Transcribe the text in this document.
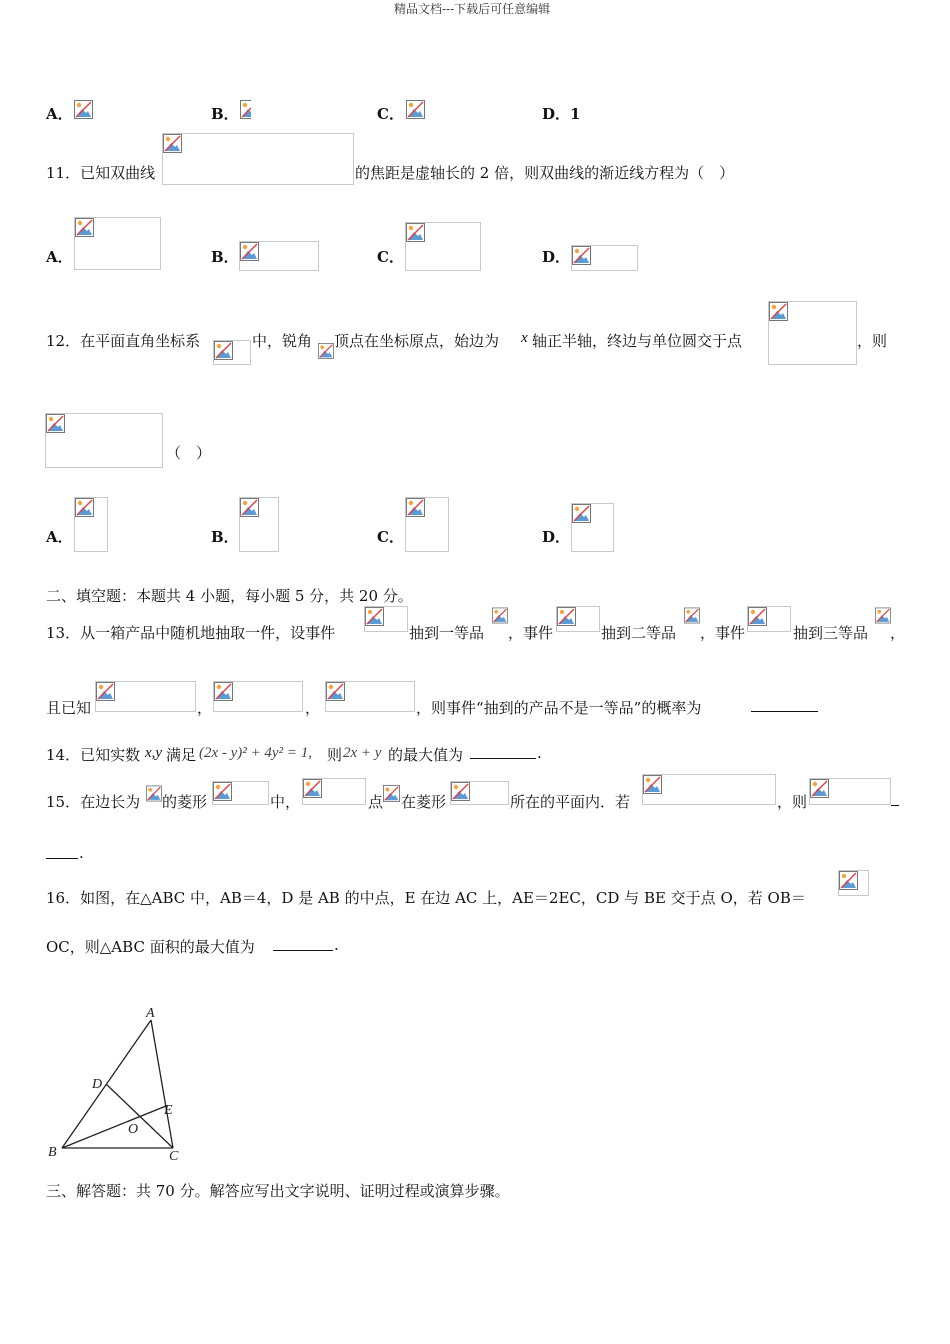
精品文档---下载后可任意编辑
A．	B．	C．	D．1
11．已知双曲线	的焦距是虚轴长的 2 倍，则双曲线的渐近线方程为（　）
A．	B．	C．	D．
12．在平面直角坐标系	中，锐角 顶点在坐标原点，始边为 x 轴正半轴，终边与单位圆交于点	，则
（　）
A．	B．	C．	D．
二、填空题：本题共 4 小题，每小题 5 分，共 20 分。
13．从一箱产品中随机地抽取一件，设事件	抽到一等品 ，事件	抽到二等品 ，事件	抽到三等品 ，
且已知	，	，	，则事件“抽到的产品不是一等品”的概率为
14．已知实数 x,y 满足 (2x - y)² + 4y² = 1, 则 2x + y 的最大值为	.
15．在边长为 的菱形	中，	点 在菱形	所在的平面内．若	，则
.
16．如图，在△ABC 中，AB＝4，D 是 AB 的中点，E 在边 AC 上，AE＝2EC，CD 与 BE 交于点 O，若 OB＝
OC，则△ABC 面积的最大值为	.
A
B	C
D
E
O
三、解答题：共 70 分。解答应写出文字说明、证明过程或演算步骤。
